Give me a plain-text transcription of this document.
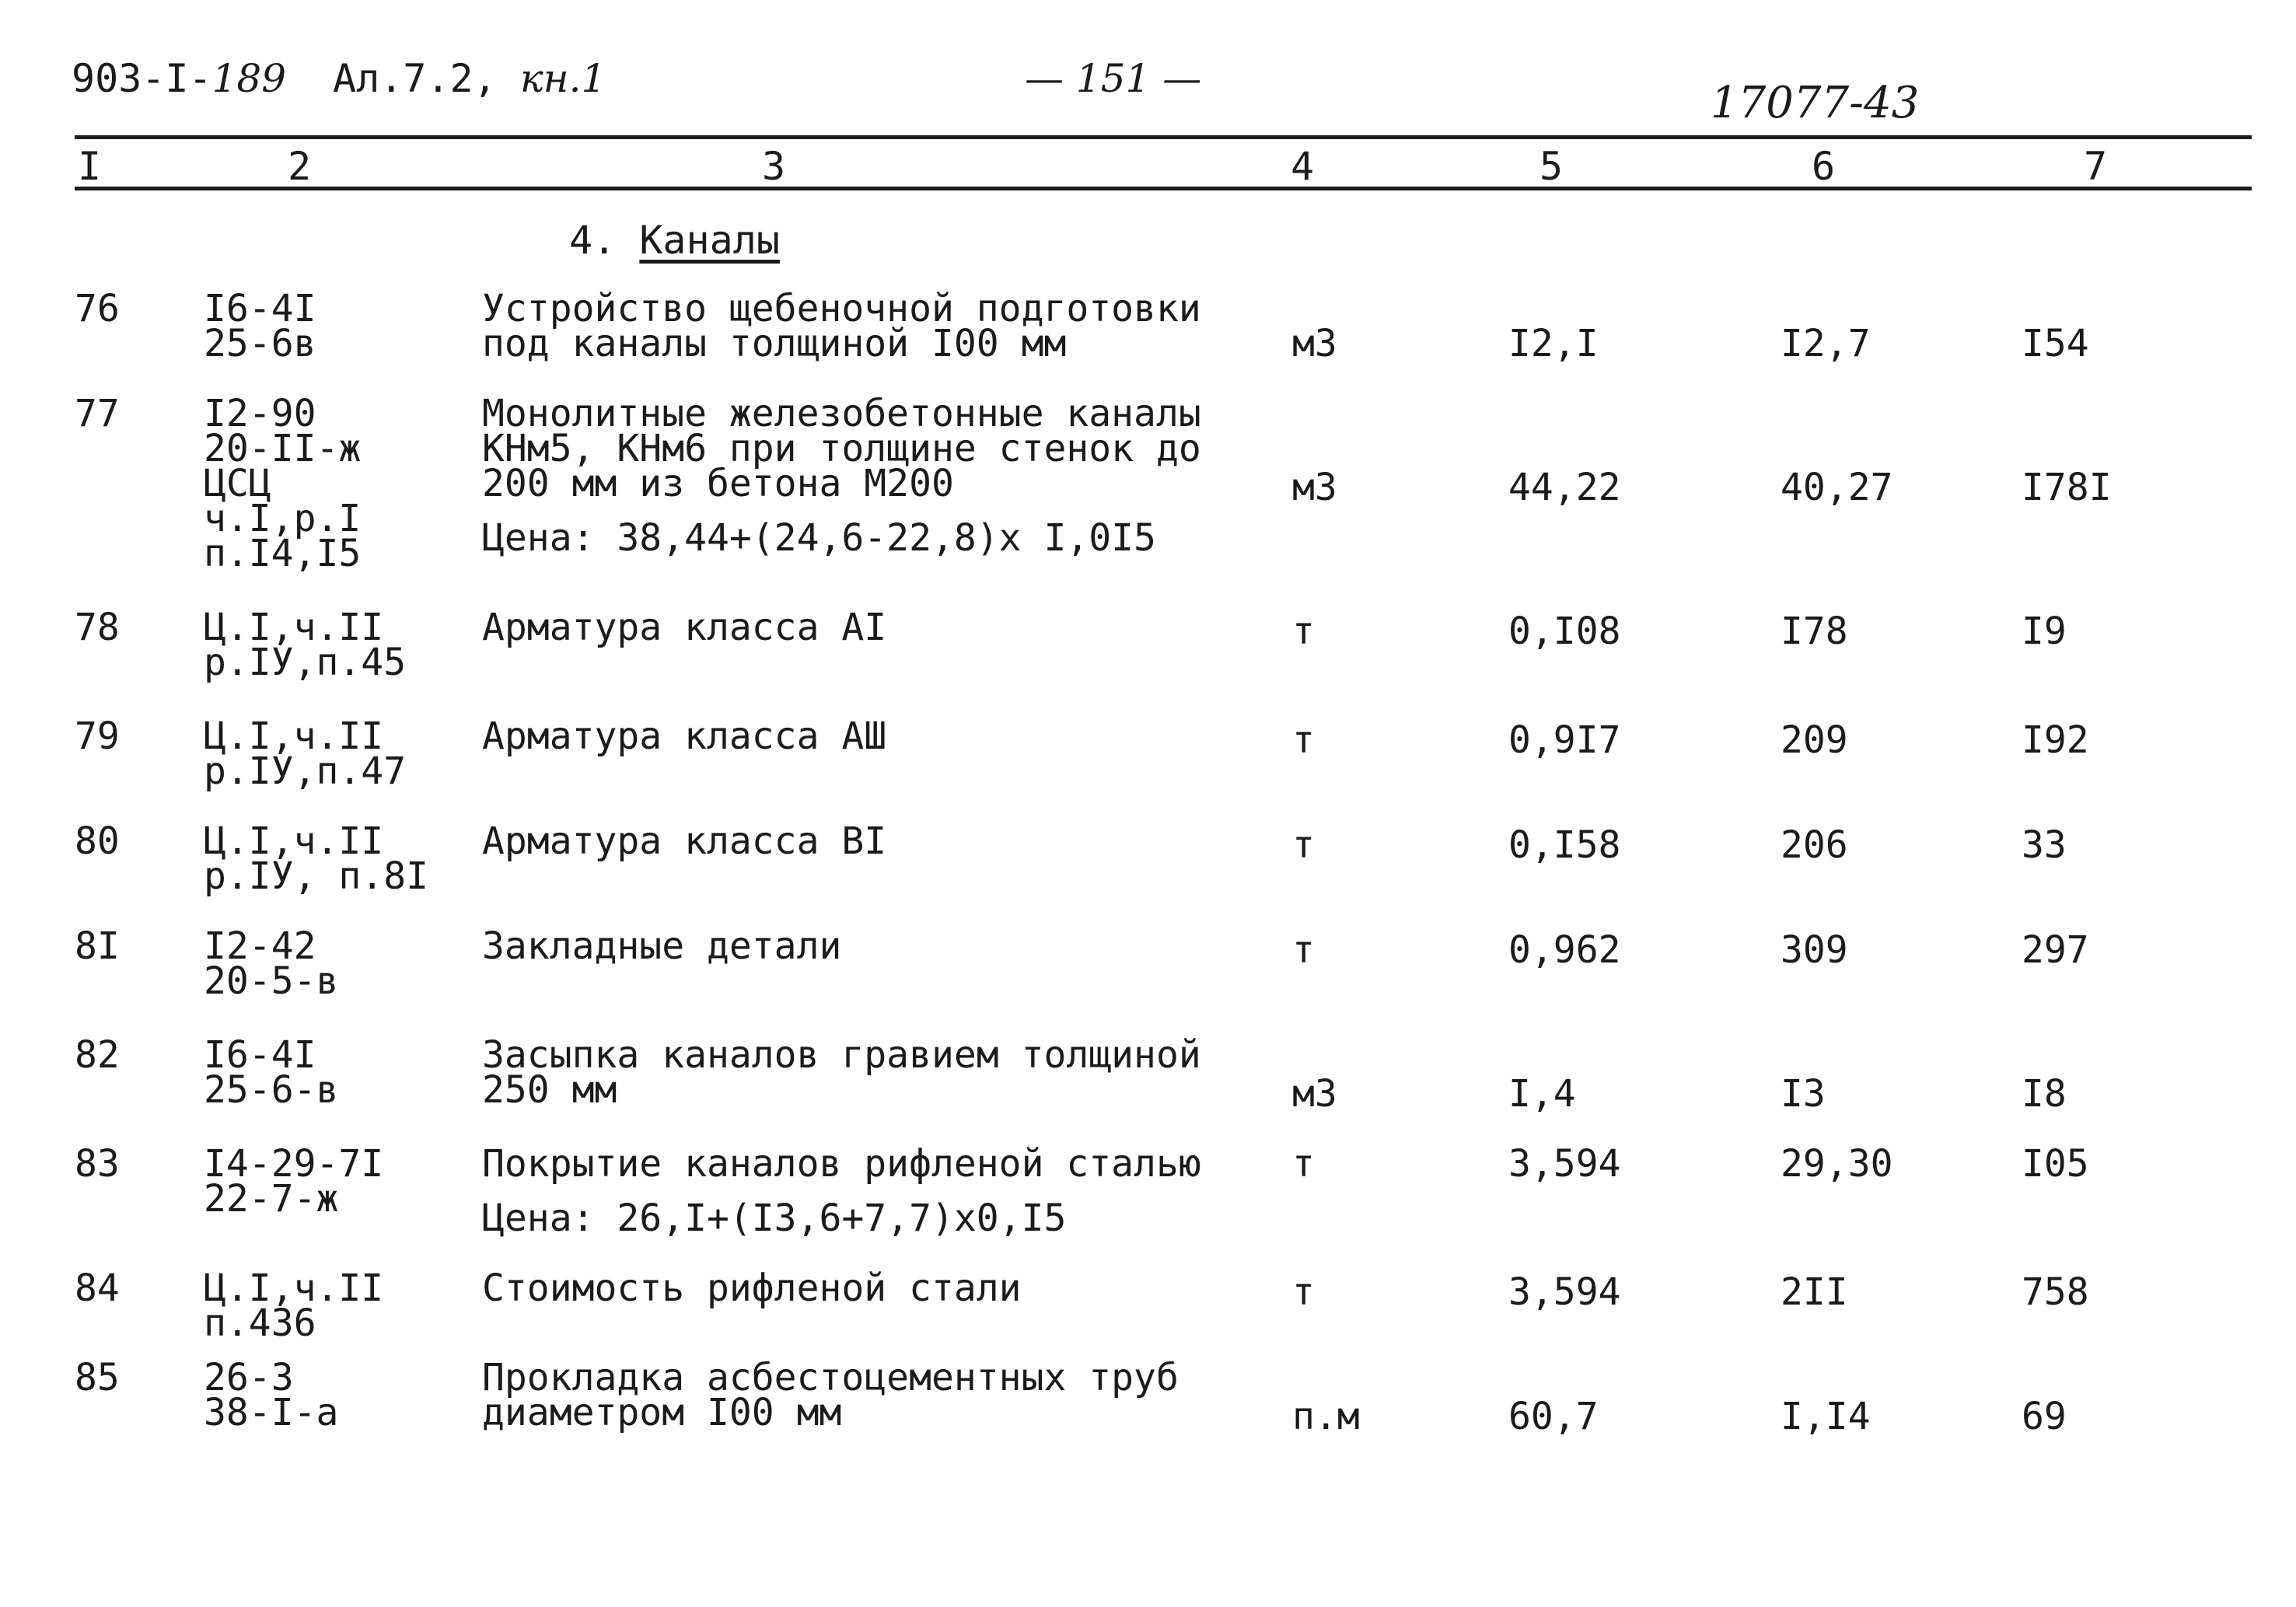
903-I-189 Ал.7.2, кн.1	— 151 —	17077-43
I	2	3	4	5	6	7
4. Каналы
76 I6-4I
25-6в
Устройство щебеночной подготовки
под каналы толщиной I00 мм	м3	I2,I	I2,7	I54
77 I2-90
20-II-ж
ЦСЦ
ч.I,р.I
п.I4,I5
Монолитные железобетонные каналы
КНм5, КНм6 при толщине стенок до
200 мм из бетона М200
Цена: 38,44+(24,6-22,8)х I,0I5
м3	44,22	40,27	I78I
78 Ц.I,ч.II
р.IУ,п.45
Арматура класса АI	т	0,I08	I78	I9
79 Ц.I,ч.II
р.IУ,п.47
Арматура класса АШ	т	0,9I7	209	I92
80 Ц.I,ч.II
р.IУ, п.8I
Арматура класса ВI	т	0,I58	206	33
8I I2-42
20-5-в
Закладные детали	т	0,962	309	297
82 I6-4I
25-6-в
Засыпка каналов гравием толщиной
250 мм	м3	I,4	I3	I8
83 I4-29-7I
22-7-ж
Покрытие каналов рифленой сталью
Цена: 26,I+(I3,6+7,7)х0,I5
т	3,594	29,30	I05
84 Ц.I,ч.II
п.436
Стоимость рифленой стали	т	3,594	2II	758
85 26-3
38-I-а
Прокладка асбестоцементных труб
диаметром I00 мм	п.м	60,7	I,I4	69
